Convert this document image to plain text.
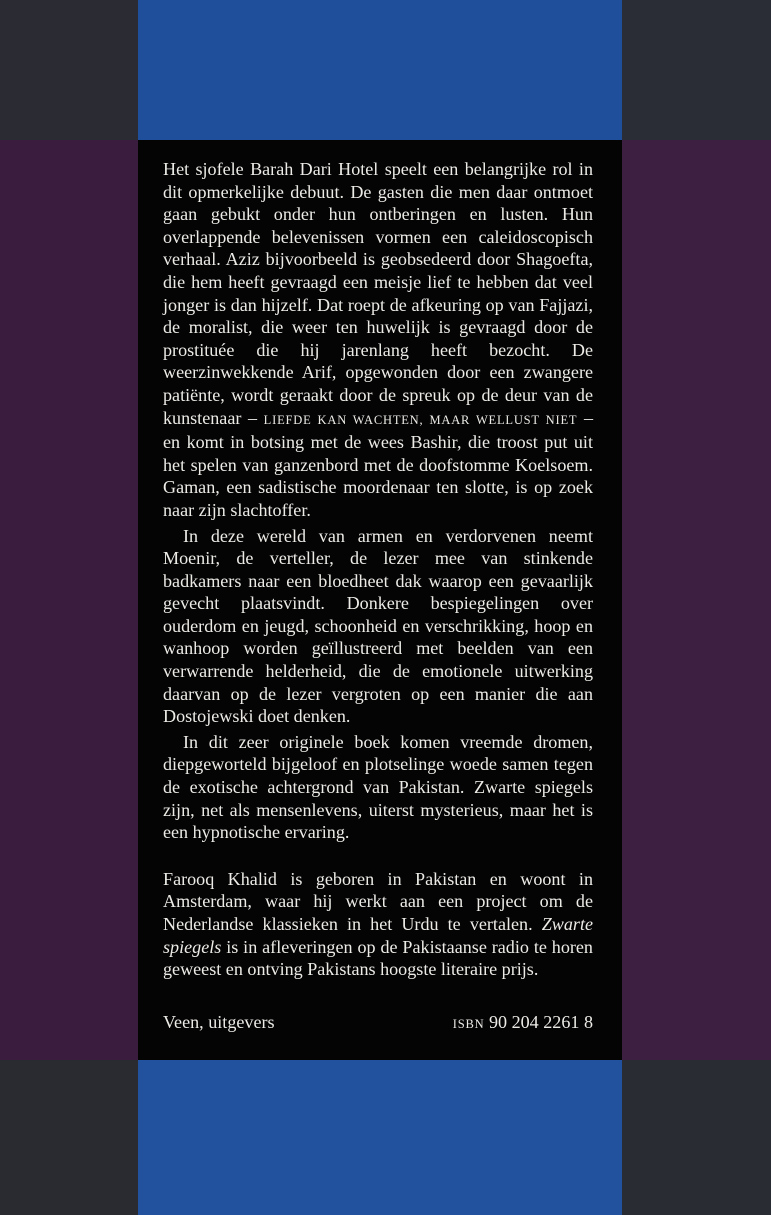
Het sjofele Barah Dari Hotel speelt een belangrijke rol in dit opmerkelijke debuut. De gasten die men daar ontmoet gaan gebukt onder hun ontberingen en lusten. Hun overlappende belevenissen vormen een caleidoscopisch verhaal. Aziz bijvoorbeeld is geobsedeerd door Shagoefta, die hem heeft gevraagd een meisje lief te hebben dat veel jonger is dan hijzelf. Dat roept de afkeuring op van Fajjazi, de moralist, die weer ten huwelijk is gevraagd door de prostituée die hij jarenlang heeft bezocht. De weerzinwekkende Arif, opgewonden door een zwangere patiënte, wordt geraakt door de spreuk op de deur van de kunstenaar – LIEFDE KAN WACHTEN, MAAR WELLUST NIET – en komt in botsing met de wees Bashir, die troost put uit het spelen van ganzenbord met de doofstomme Koelsoem. Gaman, een sadistische moordenaar ten slotte, is op zoek naar zijn slachtoffer.

In deze wereld van armen en verdorvenen neemt Moenir, de verteller, de lezer mee van stinkende badkamers naar een bloedheet dak waarop een gevaarlijk gevecht plaatsvindt. Donkere bespiegelingen over ouderdom en jeugd, schoonheid en verschrikking, hoop en wanhoop worden geïllustreerd met beelden van een verwarrende helderheid, die de emotionele uitwerking daarvan op de lezer vergroten op een manier die aan Dostojewski doet denken.

In dit zeer originele boek komen vreemde dromen, diepgeworteld bijgeloof en plotselinge woede samen tegen de exotische achtergrond van Pakistan. Zwarte spiegels zijn, net als mensenlevens, uiterst mysterieus, maar het is een hypnotische ervaring.

Farooq Khalid is geboren in Pakistan en woont in Amsterdam, waar hij werkt aan een project om de Nederlandse klassieken in het Urdu te vertalen. Zwarte spiegels is in afleveringen op de Pakistaanse radio te horen geweest en ontving Pakistans hoogste literaire prijs.

Veen, uitgevers	ISBN 90 204 2261 8
